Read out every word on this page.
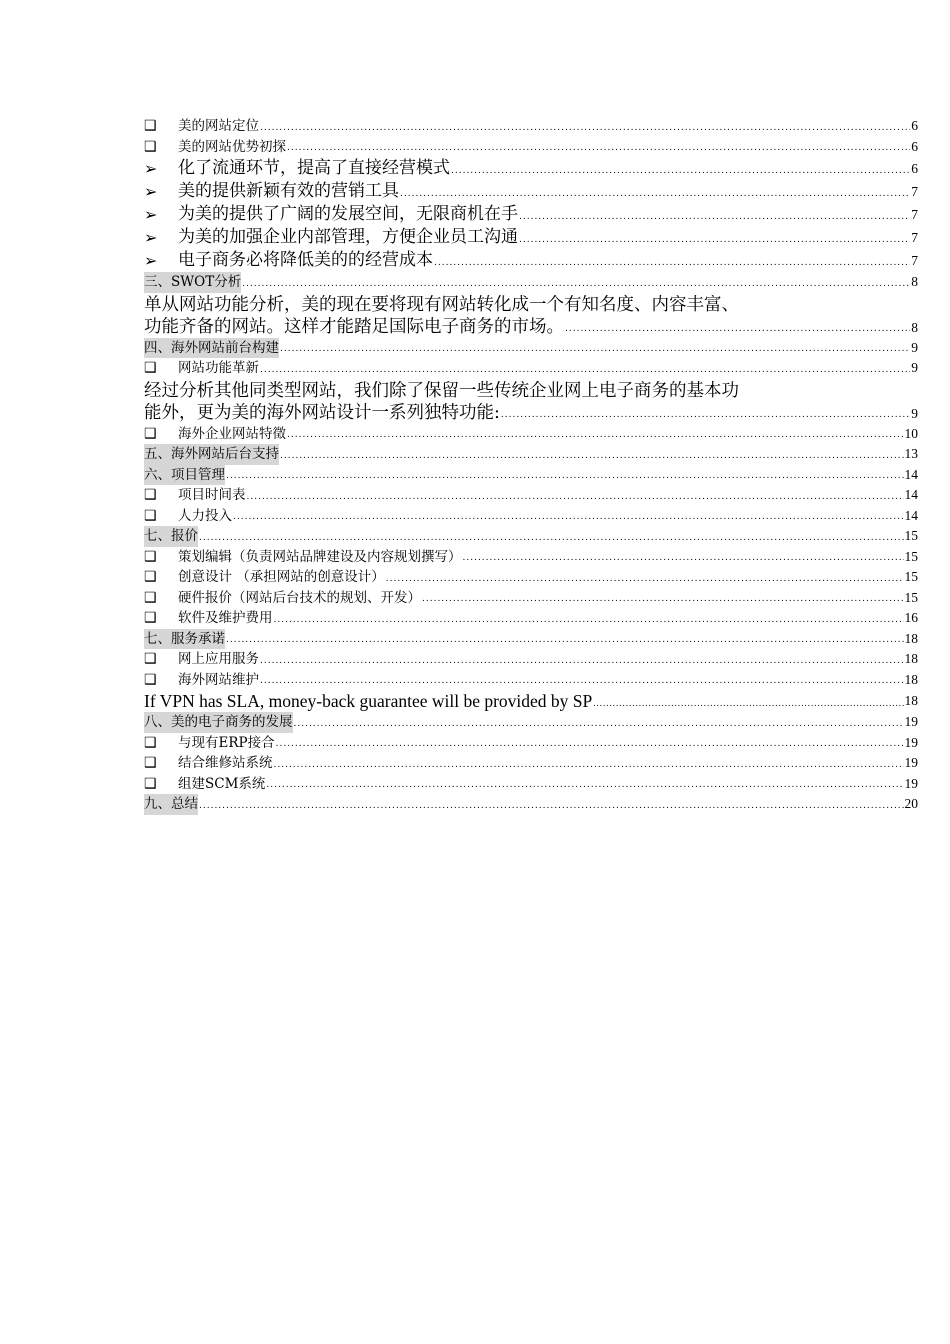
❑	美的网站定位 .....	6
❑	美的网站优势初探 .....	6
➢	化了流通环节，提高了直接经营模式 .....	6
➢	美的提供新颖有效的营销工具 .....	7
➢	为美的提供了广阔的发展空间，无限商机在手 .....	7
➢	为美的加强企业内部管理，方便企业员工沟通 .....	7
➢	电子商务必将降低美的的经营成本 .....	7
三、SWOT分析 .....	8
单从网站功能分析，美的现在要将现有网站转化成一个有知名度、内容丰富、
功能齐备的网站。这样才能踏足国际电子商务的市场。 .....	8
四、海外网站前台构建 .....	9
❑	网站功能革新 .....	9
经过分析其他同类型网站，我们除了保留一些传统企业网上电子商务的基本功
能外，更为美的海外网站设计一系列独特功能: .....	9
❑	海外企业网站特徵 .....	10
五、海外网站后台支持 .....	13
六、项目管理 .....	14
❑	项目时间表 .....	14
❑	人力投入 .....	14
七、报价 .....	15
❑	策划编辑（负责网站品牌建设及内容规划撰写） .....	15
❑	创意设计 （承担网站的创意设计） .....	15
❑	硬件报价（网站后台技术的规划、开发） .....	15
❑	软件及维护费用 .....	16
七、服务承诺 .....	18
❑	网上应用服务 .....	18
❑	海外网站维护 .....	18
If VPN has SLA, money-back guarantee will be provided by SP .....	18
八、美的电子商务的发展 .....	19
❑	与现有ERP接合 .....	19
❑	结合维修站系统 .....	19
❑	组建SCM系统 .....	19
九、总结 .....	20
